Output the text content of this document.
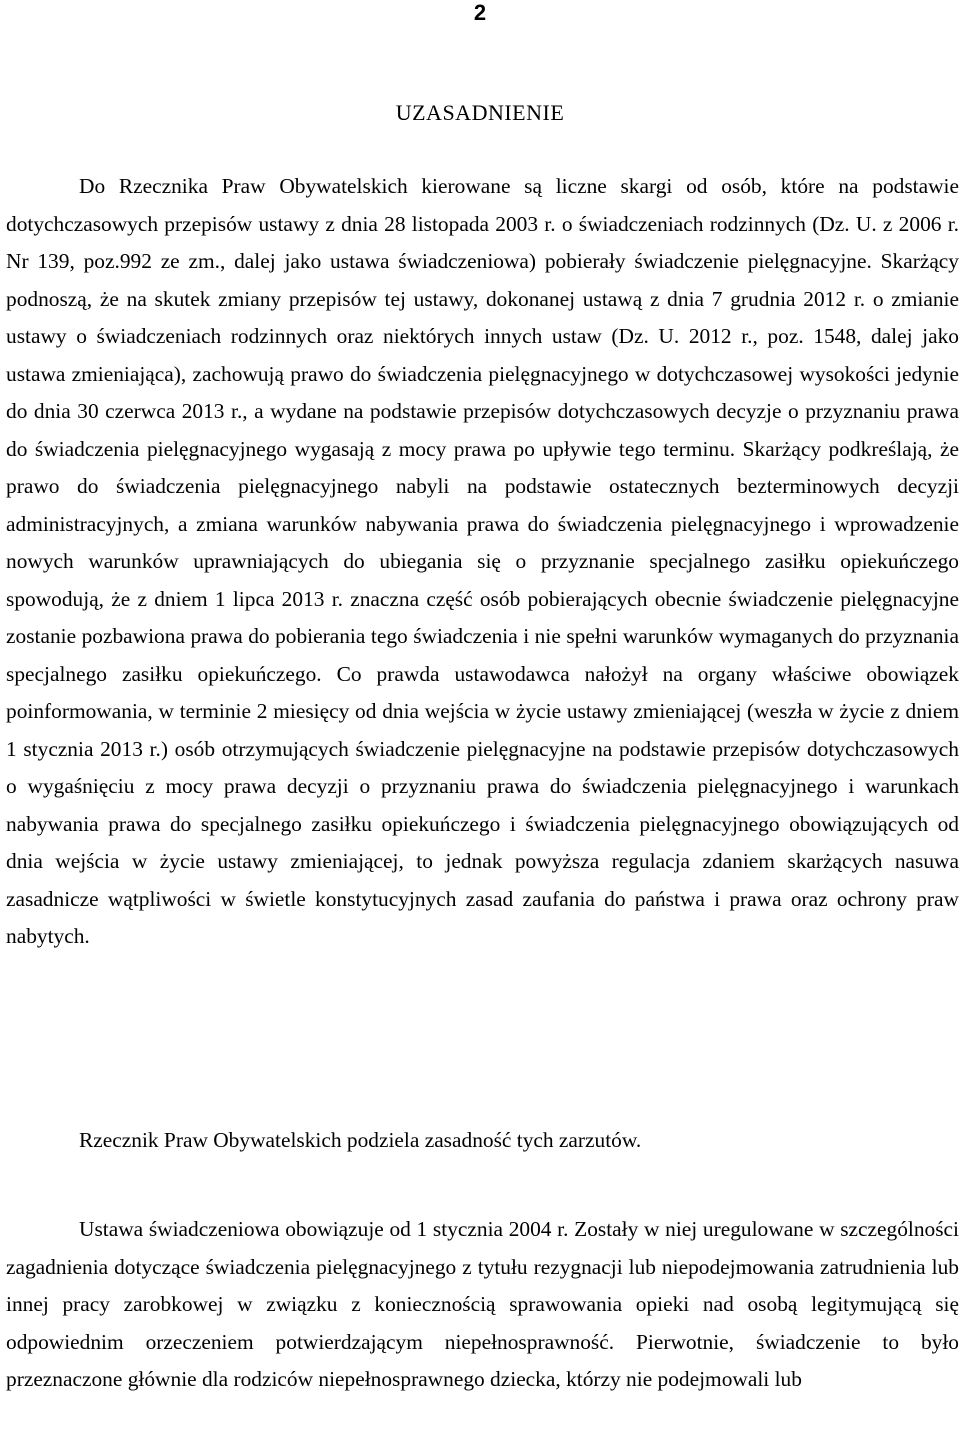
2
UZASADNIENIE

Do Rzecznika Praw Obywatelskich kierowane są liczne skargi od osób, które na podstawie dotychczasowych przepisów ustawy z dnia 28 listopada 2003 r. o świadczeniach rodzinnych (Dz. U. z 2006 r. Nr 139, poz.992 ze zm., dalej jako ustawa świadczeniowa) pobierały świadczenie pielęgnacyjne. Skarżący podnoszą, że na skutek zmiany przepisów tej ustawy, dokonanej ustawą z dnia 7 grudnia 2012 r. o zmianie ustawy o świadczeniach rodzinnych oraz niektórych innych ustaw (Dz. U. 2012 r., poz. 1548, dalej jako ustawa zmieniająca), zachowują prawo do świadczenia pielęgnacyjnego w dotychczasowej wysokości jedynie do dnia 30 czerwca 2013 r., a wydane na podstawie przepisów dotychczasowych decyzje o przyznaniu prawa do świadczenia pielęgnacyjnego wygasają z mocy prawa po upływie tego terminu. Skarżący podkreślają, że prawo do świadczenia pielęgnacyjnego nabyli na podstawie ostatecznych bezterminowych decyzji administracyjnych, a zmiana warunków nabywania prawa do świadczenia pielęgnacyjnego i wprowadzenie nowych warunków uprawniających do ubiegania się o przyznanie specjalnego zasiłku opiekuńczego spowodują, że z dniem 1 lipca 2013 r. znaczna część osób pobierających obecnie świadczenie pielęgnacyjne zostanie pozbawiona prawa do pobierania tego świadczenia i nie spełni warunków wymaganych do przyznania specjalnego zasiłku opiekuńczego. Co prawda ustawodawca nałożył na organy właściwe obowiązek poinformowania, w terminie 2 miesięcy od dnia wejścia w życie ustawy zmieniającej (weszła w życie z dniem 1 stycznia 2013 r.) osób otrzymujących świadczenie pielęgnacyjne na podstawie przepisów dotychczasowych o wygaśnięciu z mocy prawa decyzji o przyznaniu prawa do świadczenia pielęgnacyjnego i warunkach nabywania prawa do specjalnego zasiłku opiekuńczego i świadczenia pielęgnacyjnego obowiązujących od dnia wejścia w życie ustawy zmieniającej, to jednak powyższa regulacja zdaniem skarżących nasuwa zasadnicze wątpliwości w świetle konstytucyjnych zasad zaufania do państwa i prawa oraz ochrony praw nabytych.

Rzecznik Praw Obywatelskich podziela zasadność tych zarzutów.

Ustawa świadczeniowa obowiązuje od 1 stycznia 2004 r. Zostały w niej uregulowane w szczególności zagadnienia dotyczące świadczenia pielęgnacyjnego z tytułu rezygnacji lub niepodejmowania zatrudnienia lub innej pracy zarobkowej w związku z koniecznością sprawowania opieki nad osobą legitymującą się odpowiednim orzeczeniem potwierdzającym niepełnosprawność. Pierwotnie, świadczenie to było przeznaczone głównie dla rodziców niepełnosprawnego dziecka, którzy nie podejmowali lub
